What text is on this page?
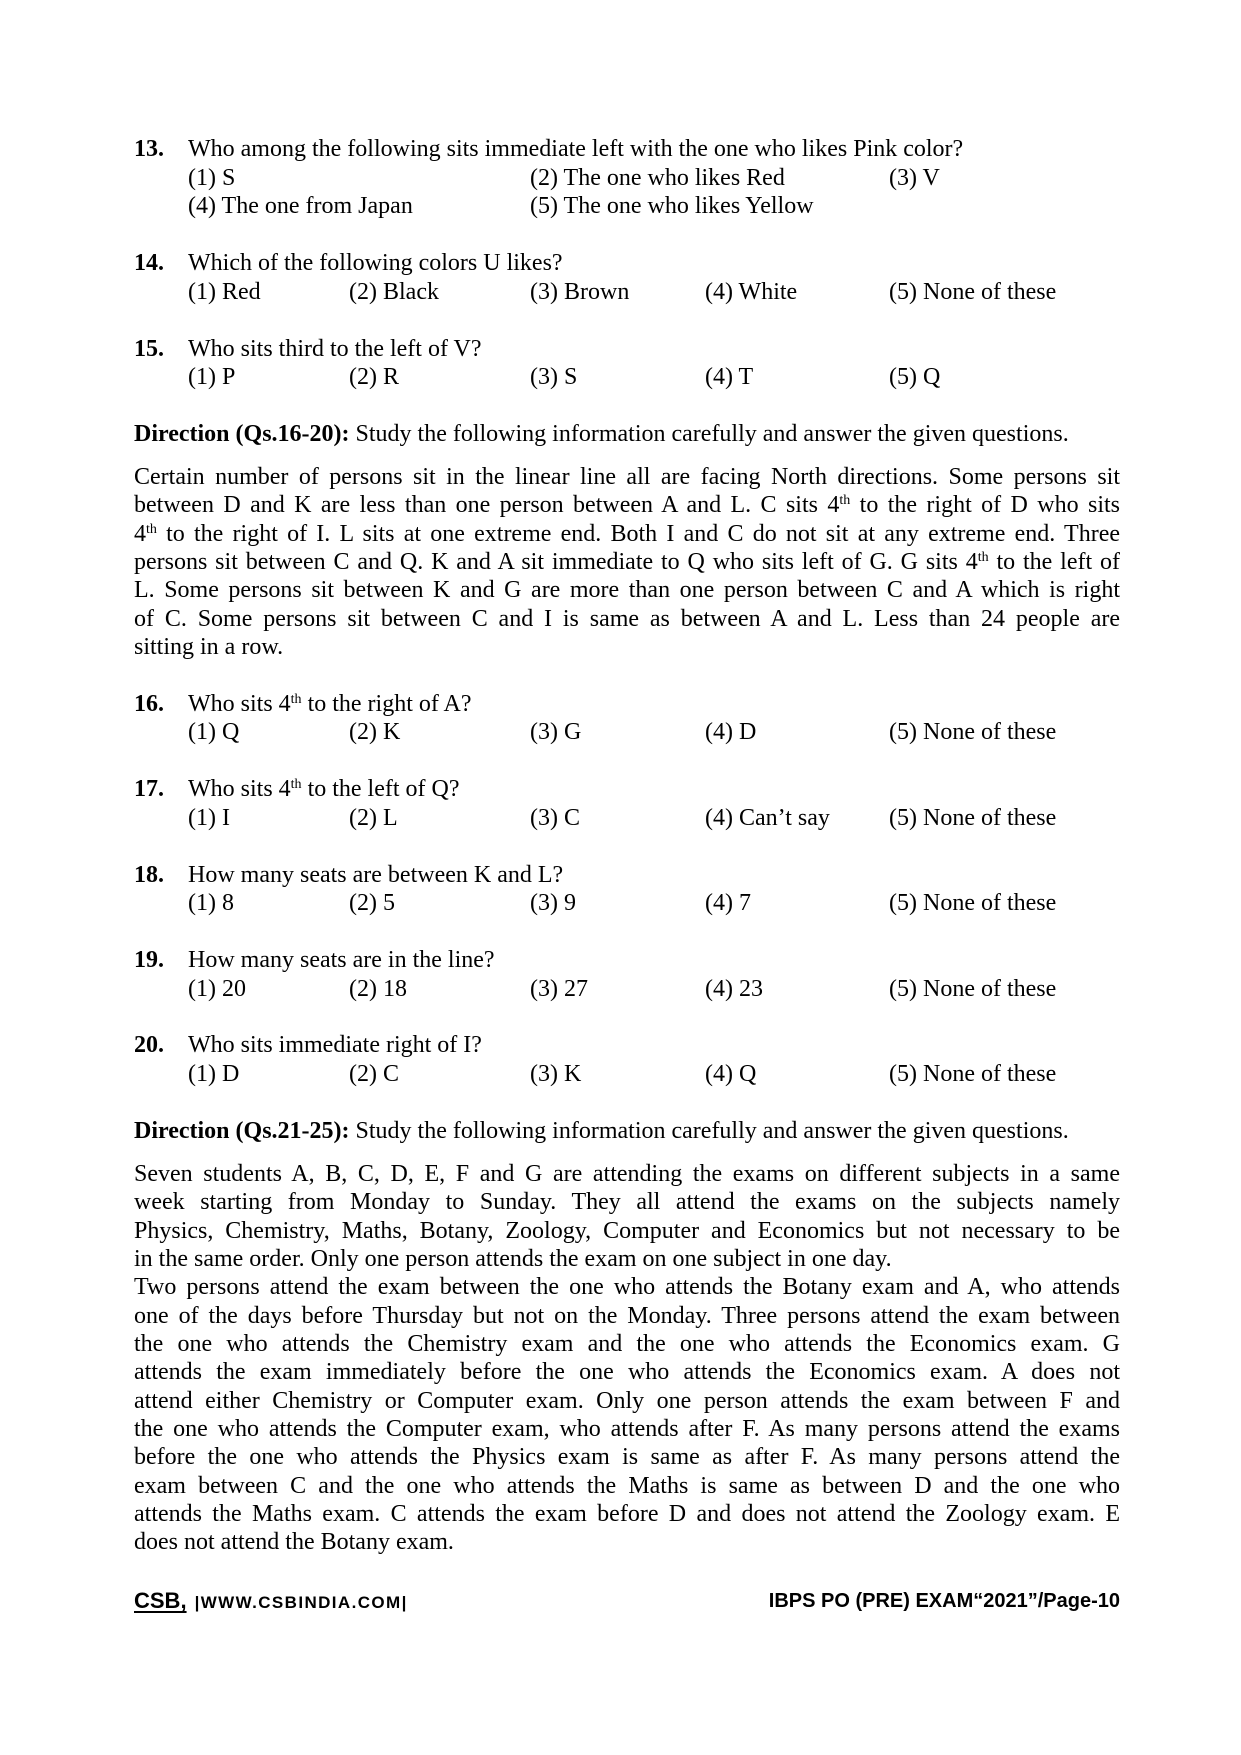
13. Who among the following sits immediate left with the one who likes Pink color?
(1) S	(2) The one who likes Red	(3) V
(4) The one from Japan	(5) The one who likes Yellow
14. Which of the following colors U likes?
(1) Red	(2) Black	(3) Brown	(4) White	(5) None of these
15. Who sits third to the left of V?
(1) P	(2) R	(3) S	(4) T	(5) Q
Direction (Qs.16-20): Study the following information carefully and answer the given questions.
Certain number of persons sit in the linear line all are facing North directions. Some persons sit
between D and K are less than one person between A and L. C sits 4th to the right of D who sits
4th to the right of I. L sits at one extreme end. Both I and C do not sit at any extreme end. Three
persons sit between C and Q. K and A sit immediate to Q who sits left of G. G sits 4th to the left of
L. Some persons sit between K and G are more than one person between C and A which is right
of C. Some persons sit between C and I is same as between A and L. Less than 24 people are
sitting in a row.
16. Who sits 4th to the right of A?
(1) Q	(2) K	(3) G	(4) D	(5) None of these
17. Who sits 4th to the left of Q?
(1) I	(2) L	(3) C	(4) Can’t say (5) None of these
18. How many seats are between K and L?
(1) 8	(2) 5	(3) 9	(4) 7	(5) None of these
19. How many seats are in the line?
(1) 20	(2) 18	(3) 27	(4) 23	(5) None of these
20. Who sits immediate right of I?
(1) D	(2) C	(3) K	(4) Q	(5) None of these
Direction (Qs.21-25): Study the following information carefully and answer the given questions.
Seven students A, B, C, D, E, F and G are attending the exams on different subjects in a same
week starting from Monday to Sunday. They all attend the exams on the subjects namely
Physics, Chemistry, Maths, Botany, Zoology, Computer and Economics but not necessary to be
in the same order. Only one person attends the exam on one subject in one day.
Two persons attend the exam between the one who attends the Botany exam and A, who attends
one of the days before Thursday but not on the Monday. Three persons attend the exam between
the one who attends the Chemistry exam and the one who attends the Economics exam. G
attends the exam immediately before the one who attends the Economics exam. A does not
attend either Chemistry or Computer exam. Only one person attends the exam between F and
the one who attends the Computer exam, who attends after F. As many persons attend the exams
before the one who attends the Physics exam is same as after F. As many persons attend the
exam between C and the one who attends the Maths is same as between D and the one who
attends the Maths exam. C attends the exam before D and does not attend the Zoology exam. E
does not attend the Botany exam.
CSB, |WWW.CSBINDIA.COM|	IBPS PO (PRE) EXAM“2021”/Page-10
